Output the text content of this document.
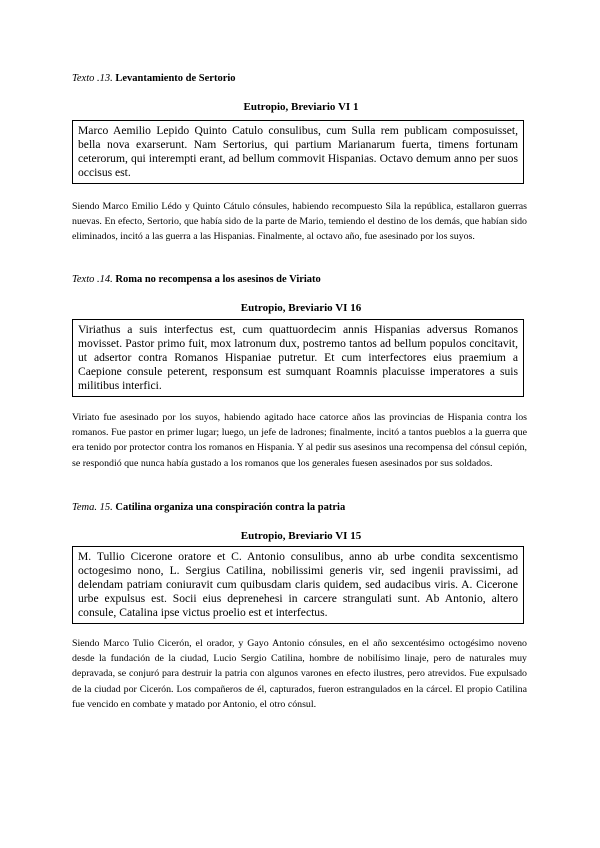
Texto .13. Levantamiento de Sertorio
Eutropio, Breviario VI 1
Marco Aemilio Lepido Quinto Catulo consulibus, cum Sulla rem publicam composuisset, bella nova exarserunt. Nam Sertorius, qui partium Marianarum fuerta, timens fortunam ceterorum, qui interempti erant, ad bellum commovit Hispanias. Octavo demum anno per suos occisus est.
Siendo Marco Emilio Lédo y Quinto Cátulo cónsules, habiendo recompuesto Sila la república, estallaron guerras nuevas. En efecto, Sertorio, que había sido de la parte de Mario, temiendo el destino de los demás, que habían sido eliminados, incitó a las guerra a las Hispanias. Finalmente, al octavo año, fue asesinado por los suyos.
Texto .14. Roma no recompensa a los asesinos de Viriato
Eutropio, Breviario VI 16
Viriathus a suis interfectus est, cum quattuordecim annis Hispanias adversus Romanos movisset. Pastor primo fuit, mox latronum dux, postremo tantos ad bellum populos concitavit, ut adsertor contra Romanos Hispaniae putretur. Et cum interfectores eius praemium a Caepione consule peterent, responsum est sumquant Roamnis placuisse imperatores a suis militibus interfici.
Viriato fue asesinado por los suyos, habiendo agitado hace catorce años las provincias de Hispania contra los romanos. Fue pastor en primer lugar; luego, un jefe de ladrones; finalmente, incitó a tantos pueblos a la guerra que era tenido por protector contra los romanos en Hispania. Y al pedir sus asesinos una recompensa del cónsul cepión, se respondió que nunca había gustado a los romanos que los generales fuesen asesinados por sus soldados.
Tema. 15. Catilina organiza una conspiración contra la patria
Eutropio, Breviario VI 15
M. Tullio Cicerone oratore et C. Antonio consulibus, anno ab urbe condita sexcentismo octogesimo nono, L. Sergius Catilina, nobilissimi generis vir, sed ingenii pravissimi, ad delendam patriam coniuravit cum quibusdam claris quidem, sed audacibus viris. A. Cicerone urbe expulsus est. Socii eius deprenehesi in carcere strangulati sunt. Ab Antonio, altero consule, Catalina ipse victus proelio est et interfectus.
Siendo Marco Tulio Cicerón, el orador, y Gayo Antonio cónsules, en el año sexcentésimo octogésimo noveno desde la fundación de la ciudad, Lucio Sergio Catilina, hombre de nobilísimo linaje, pero de naturales muy depravada, se conjuró para destruir la patria con algunos varones en efecto ilustres, pero atrevidos. Fue expulsado de la ciudad por Cicerón. Los compañeros de él, capturados, fueron estrangulados en la cárcel. El propio Catilina fue vencido en combate y matado por Antonio, el otro cónsul.
